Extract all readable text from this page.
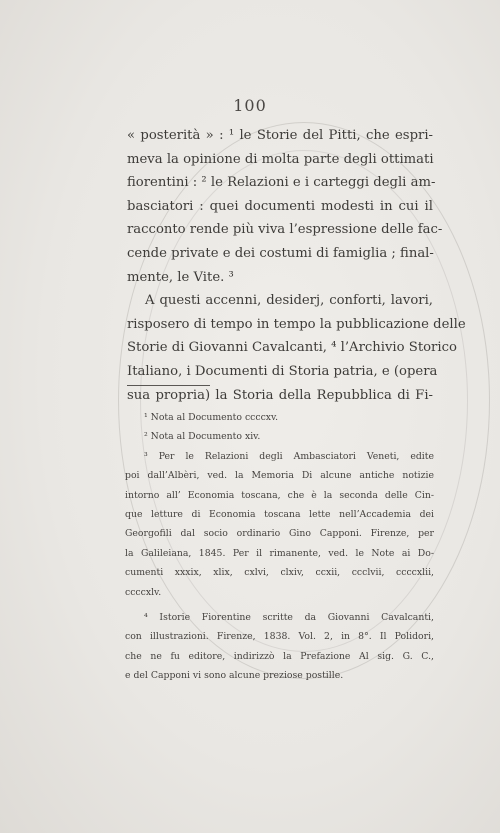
100
« posterità » : ¹ le Storie del Pitti, che espri-
meva la opinione di molta parte degli ottimati
fiorentini : ² le Relazioni e i carteggi degli am-
basciatori : quei documenti modesti in cui il
racconto rende più viva l’espressione delle fac-
cende private e dei costumi di famiglia ; final-
mente, le Vite. ³
A questi accenni, desiderj, conforti, lavori,
risposero di tempo in tempo la pubblicazione delle
Storie di Giovanni Cavalcanti, ⁴ l’Archivio Storico
Italiano, i Documenti di Storia patria, e (opera
sua propria) la Storia della Repubblica di Fi-

¹ Nota al Documento ccccxv.

² Nota al Documento xiv.

³ Per le Relazioni degli Ambasciatori Veneti, edite
poi dall’Albèri, ved. la Memoria Di alcune antiche notizie
intorno all’ Economia toscana, che è la seconda delle Cin-
que letture di Economia toscana lette nell’Accademia dei
Georgofili dal socio ordinario Gino Capponi. Firenze, per
la Galileiana, 1845. Per il rimanente, ved. le Note ai Do-
cumenti xxxix, xlix, cxlvi, clxiv, ccxii, ccclvii, ccccxlii,
ccccxlv.

⁴ Istorie Fiorentine scritte da Giovanni Cavalcanti,
con illustrazioni. Firenze, 1838. Vol. 2, in 8°. Il Polidori,
che ne fu editore, indirizzò la Prefazione Al sig. G. C.,
e del Capponi vi sono alcune preziose postille.
